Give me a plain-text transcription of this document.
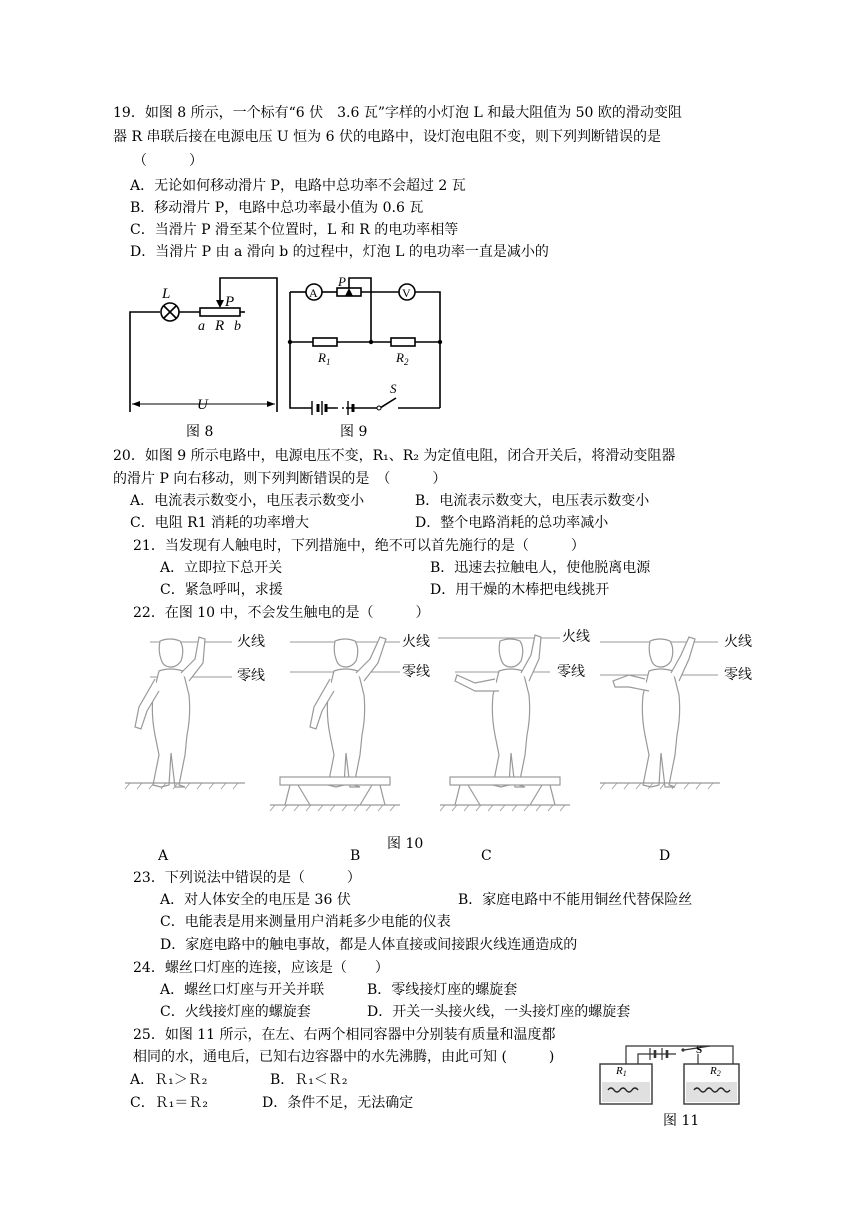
19．如图 8 所示，一个标有“6 伏　3.6 瓦”字样的小灯泡 L 和最大阻值为 50 欧的滑动变阻
器 R 串联后接在电源电压 U 恒为 6 伏的电路中，设灯泡电阻不变，则下列判断错误的是
（　　　）
A．无论如何移动滑片 P，电路中总功率不会超过 2 瓦
B．移动滑片 P，电路中总功率最小值为 0.6 瓦
C．当滑片 P 滑至某个位置时，L 和 R 的电功率相等
D．当滑片 P 由 a 滑向 b 的过程中，灯泡 L 的电功率一直是减小的
L	P
a R b
U
图 8
A	V
P
$R_1$	$R_2$
S
图 9
20．如图 9 所示电路中，电源电压不变，R₁、R₂ 为定值电阻，闭合开关后，将滑动变阻器
的滑片 P 向右移动，则下列判断错误的是　（　　　）
A．电流表示数变小，电压表示数变小	B．电流表示数变大，电压表示数变小
C．电阻 R1 消耗的功率增大	D．整个电路消耗的总功率减小
21．当发现有人触电时，下列措施中，绝不可以首先施行的是（　　　）
A．立即拉下总开关	B．迅速去拉触电人，使他脱离电源
C．紧急呼叫，求援	D．用干燥的木棒把电线挑开
22．在图 10 中，不会发生触电的是（　　　）
火线
零线
火线
零线
火线
零线
火线
零线
图 10
A	B	C	D
23．下列说法中错误的是（　　　）
A．对人体安全的电压是 36 伏	B．家庭电路中不能用铜丝代替保险丝
C．电能表是用来测量用户消耗多少电能的仪表
D．家庭电路中的触电事故，都是人体直接或间接跟火线连通造成的
24．螺丝口灯座的连接，应该是（　　）
A．螺丝口灯座与开关并联	B．零线接灯座的螺旋套
C．火线接灯座的螺旋套	D．开关一头接火线，一头接灯座的螺旋套
25．如图 11 所示，在左、右两个相同容器中分别装有质量和温度都
相同的水，通电后，已知右边容器中的水先沸腾，由此可知 (　　　)
A．Ｒ₁＞Ｒ₂	B．Ｒ₁＜Ｒ₂
C．Ｒ₁＝Ｒ₂	D．条件不足，无法确定
R1	R2
S
图 11
